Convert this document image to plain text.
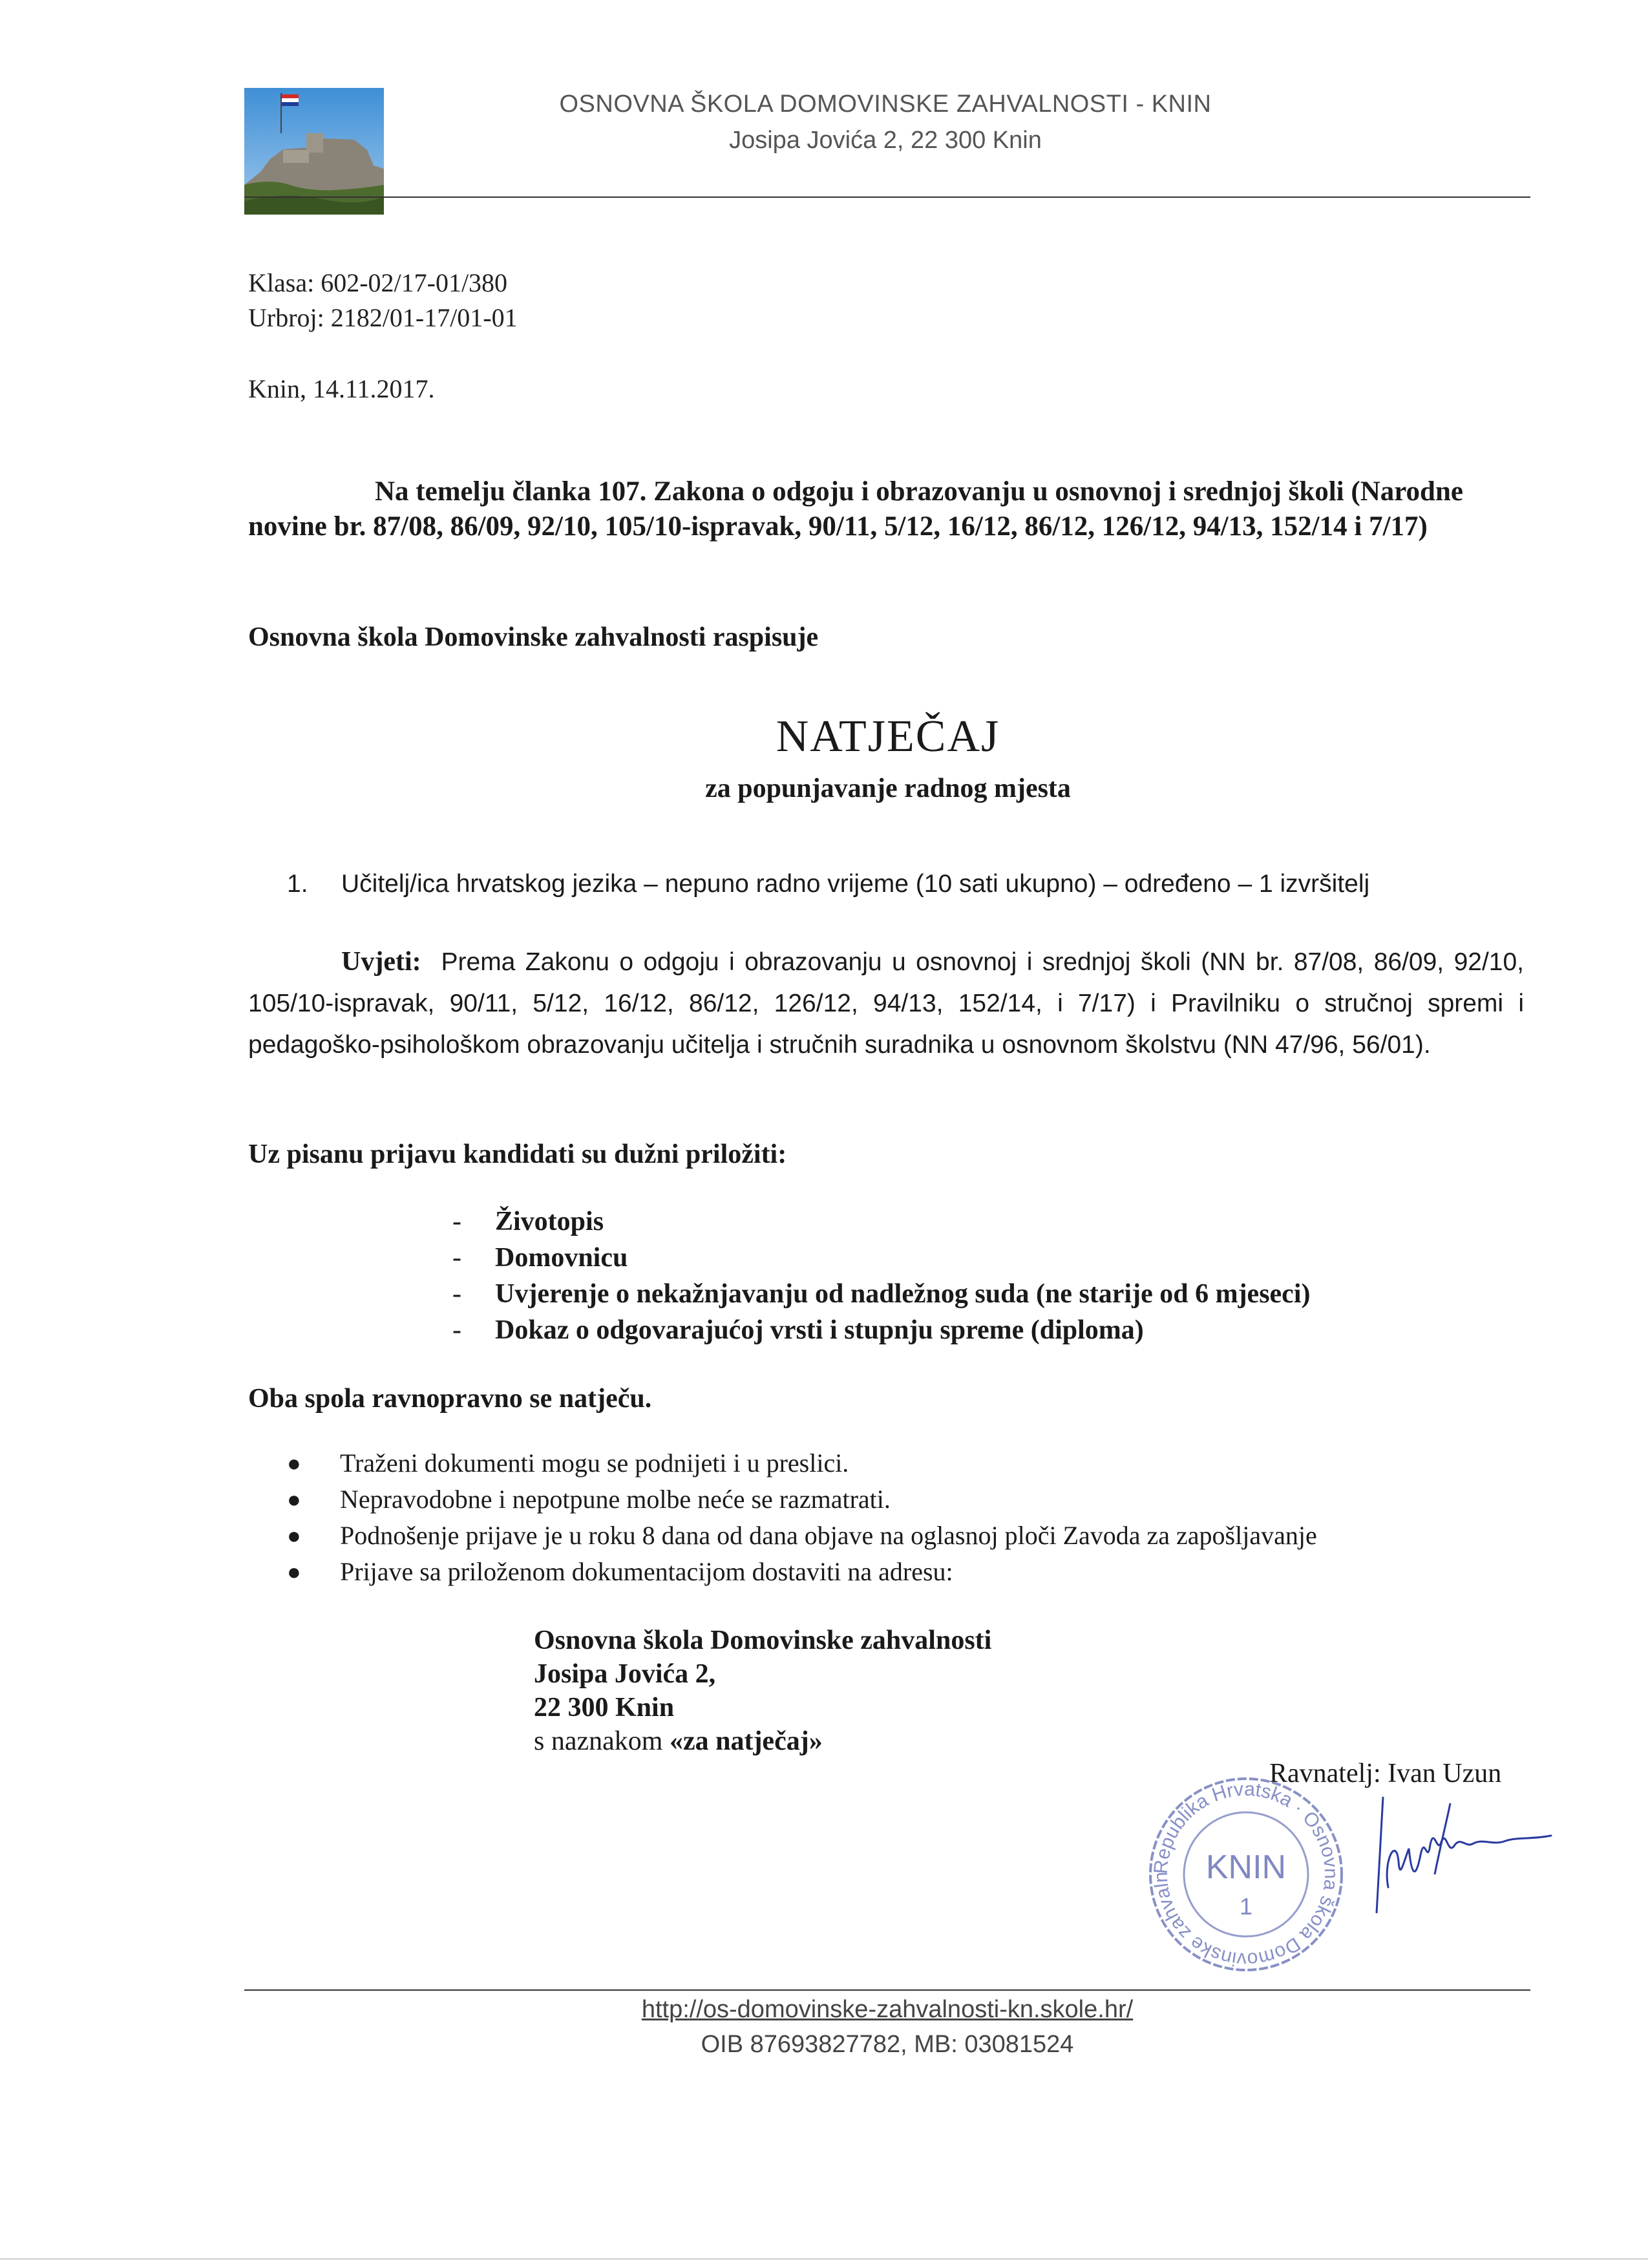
OSNOVNA ŠKOLA DOMOVINSKE ZAHVALNOSTI - KNIN
Josipa Jovića 2, 22 300 Knin
Klasa: 602-02/17-01/380
Urbroj: 2182/01-17/01-01
Knin, 14.11.2017.
Na temelju članka 107. Zakona o odgoju i obrazovanju u osnovnoj i srednjoj školi (Narodne novine br. 87/08, 86/09, 92/10, 105/10-ispravak, 90/11, 5/12, 16/12, 86/12, 126/12, 94/13, 152/14 i 7/17)
Osnovna škola Domovinske zahvalnosti raspisuje
NATJEČAJ
za popunjavanje radnog mjesta
1. Učitelj/ica hrvatskog jezika – nepuno radno vrijeme (10 sati ukupno) – određeno – 1 izvršitelj
Uvjeti: Prema Zakonu o odgoju i obrazovanju u osnovnoj i srednjoj školi (NN br. 87/08, 86/09, 92/10, 105/10-ispravak, 90/11, 5/12, 16/12, 86/12, 126/12, 94/13, 152/14, i 7/17) i Pravilniku o stručnoj spremi i pedagoško-psihološkom obrazovanju učitelja i stručnih suradnika u osnovnom školstvu (NN 47/96, 56/01).
Uz pisanu prijavu kandidati su dužni priložiti:
-	Životopis
-	Domovnicu
-	Uvjerenje o nekažnjavanju od nadležnog suda (ne starije od 6 mjeseci)
-	Dokaz o odgovarajućoj vrsti i stupnju spreme (diploma)
Oba spola ravnopravno se natječu.
●	Traženi dokumenti mogu se podnijeti i u preslici.
●	Nepravodobne i nepotpune molbe neće se razmatrati.
●	Podnošenje prijave je u roku 8 dana od dana objave na oglasnoj ploči Zavoda za zapošljavanje
●	Prijave sa priloženom dokumentacijom dostaviti na adresu:
Osnovna škola Domovinske zahvalnosti
Josipa Jovića 2,
22 300 Knin
s naznakom «za natječaj»
Republika Hrvatska · Osnovna škola Domovinske zahvaln	KNIN
1
Ravnatelj: Ivan Uzun
http://os-domovinske-zahvalnosti-kn.skole.hr/
OIB 87693827782, MB: 03081524
